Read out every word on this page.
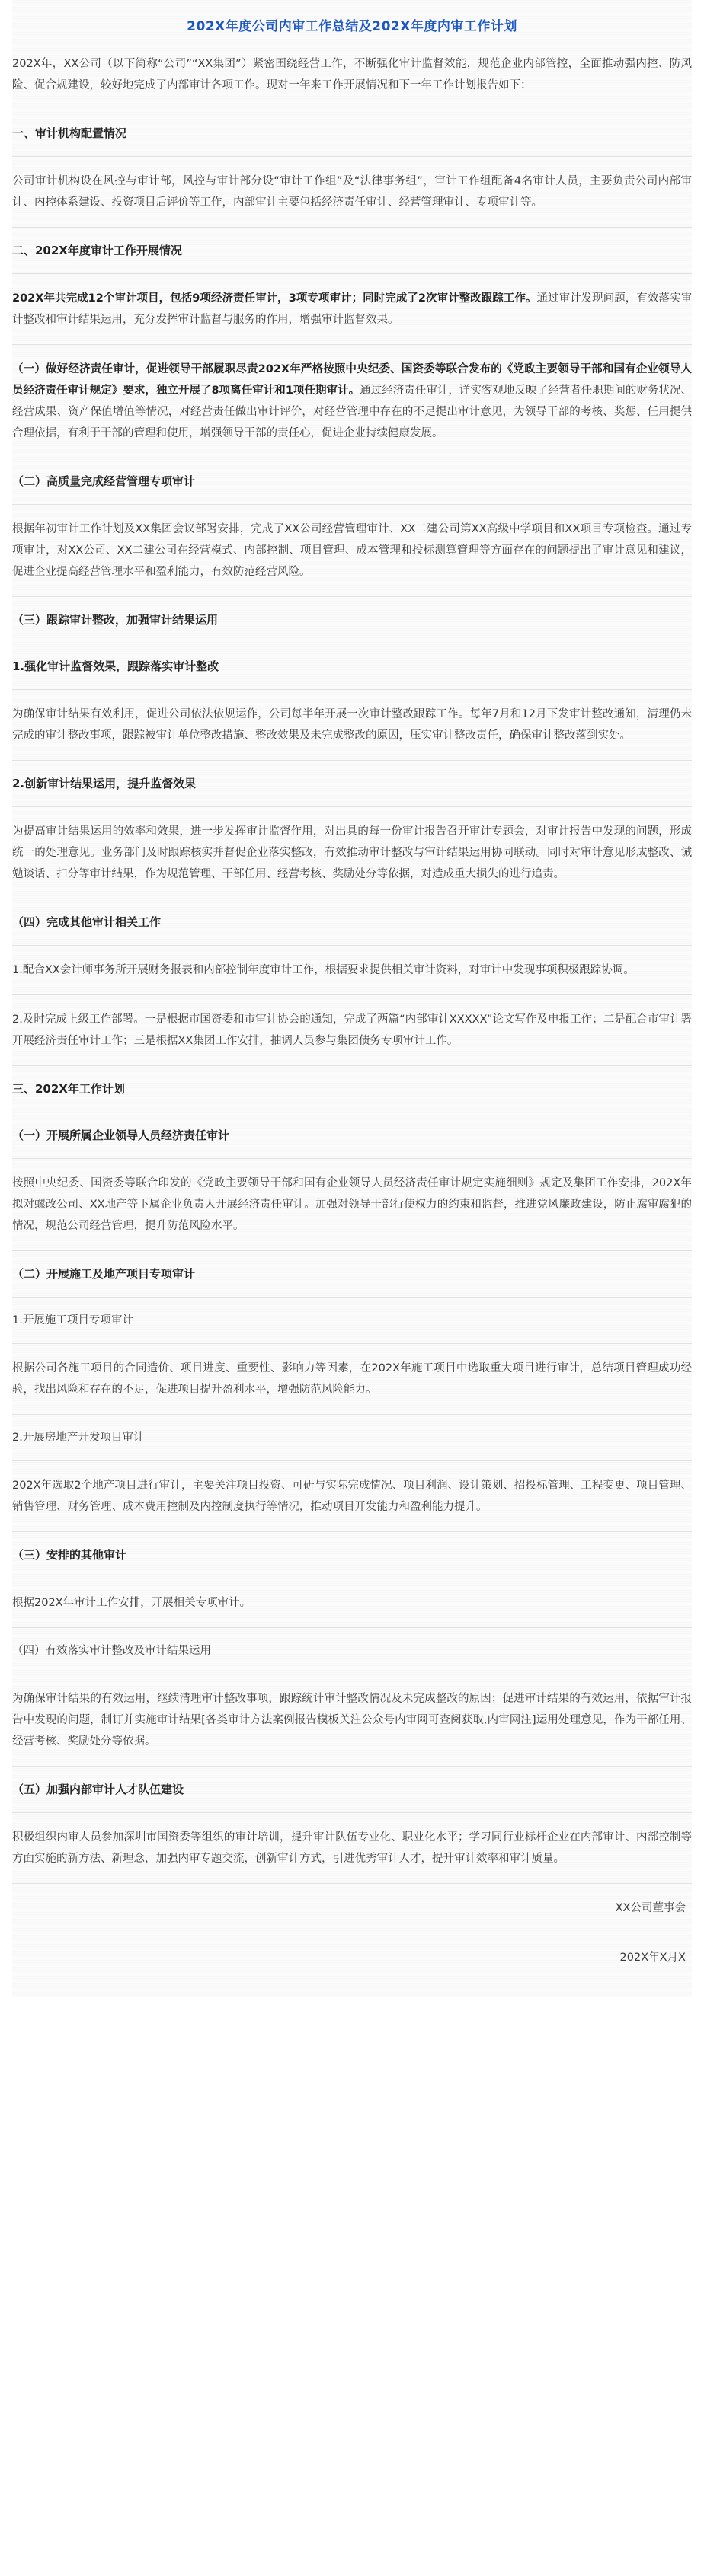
202X年度公司内审工作总结及202X年度内审工作计划

202X年，XX公司（以下简称“公司”“XX集团”）紧密围绕经营工作，不断强化审计监督效能，规范企业内部管控，全面推动强内控、防风险、促合规建设，较好地完成了内部审计各项工作。现对一年来工作开展情况和下一年工作计划报告如下：

一、审计机构配置情况

公司审计机构设在风控与审计部，风控与审计部分设“审计工作组”及“法律事务组”，审计工作组配备4名审计人员，主要负责公司内部审计、内控体系建设、投资项目后评价等工作，内部审计主要包括经济责任审计、经营管理审计、专项审计等。

二、202X年度审计工作开展情况

202X年共完成12个审计项目，包括9项经济责任审计，3项专项审计；同时完成了2次审计整改跟踪工作。通过审计发现问题，有效落实审计整改和审计结果运用，充分发挥审计监督与服务的作用，增强审计监督效果。

（一）做好经济责任审计，促进领导干部履职尽责202X年严格按照中央纪委、国资委等联合发布的《党政主要领导干部和国有企业领导人员经济责任审计规定》要求，独立开展了8项离任审计和1项任期审计。通过经济责任审计，详实客观地反映了经营者任职期间的财务状况、经营成果、资产保值增值等情况，对经营责任做出审计评价，对经营管理中存在的不足提出审计意见，为领导干部的考核、奖惩、任用提供合理依据，有利于干部的管理和使用，增强领导干部的责任心，促进企业持续健康发展。

（二）高质量完成经营管理专项审计

根据年初审计工作计划及XX集团会议部署安排，完成了XX公司经营管理审计、XX二建公司第XX高级中学项目和XX项目专项检查。通过专项审计，对XX公司、XX二建公司在经营模式、内部控制、项目管理、成本管理和投标测算管理等方面存在的问题提出了审计意见和建议，促进企业提高经营管理水平和盈利能力，有效防范经营风险。

（三）跟踪审计整改，加强审计结果运用

1.强化审计监督效果，跟踪落实审计整改

为确保审计结果有效利用，促进公司依法依规运作，公司每半年开展一次审计整改跟踪工作。每年7月和12月下发审计整改通知，清理仍未完成的审计整改事项，跟踪被审计单位整改措施、整改效果及未完成整改的原因，压实审计整改责任，确保审计整改落到实处。

2.创新审计结果运用，提升监督效果

为提高审计结果运用的效率和效果，进一步发挥审计监督作用，对出具的每一份审计报告召开审计专题会，对审计报告中发现的问题，形成统一的处理意见。业务部门及时跟踪核实并督促企业落实整改，有效推动审计整改与审计结果运用协同联动。同时对审计意见形成整改、诫勉谈话、扣分等审计结果，作为规范管理、干部任用、经营考核、奖励处分等依据，对造成重大损失的进行追责。

（四）完成其他审计相关工作

1.配合XX会计师事务所开展财务报表和内部控制年度审计工作，根据要求提供相关审计资料，对审计中发现事项积极跟踪协调。

2.及时完成上级工作部署。一是根据市国资委和市审计协会的通知，完成了两篇“内部审计XXXXX”论文写作及申报工作；二是配合市审计署开展经济责任审计工作；三是根据XX集团工作安排，抽调人员参与集团债务专项审计工作。

三、202X年工作计划

（一）开展所属企业领导人员经济责任审计

按照中央纪委、国资委等联合印发的《党政主要领导干部和国有企业领导人员经济责任审计规定实施细则》规定及集团工作安排，202X年拟对螺改公司、XX地产等下属企业负责人开展经济责任审计。加强对领导干部行使权力的约束和监督，推进党风廉政建设，防止腐审腐犯的情况，规范公司经营管理，提升防范风险水平。

（二）开展施工及地产项目专项审计

1.开展施工项目专项审计

根据公司各施工项目的合同造价、项目进度、重要性、影响力等因素，在202X年施工项目中选取重大项目进行审计，总结项目管理成功经验，找出风险和存在的不足，促进项目提升盈利水平，增强防范风险能力。

2.开展房地产开发项目审计

202X年选取2个地产项目进行审计，主要关注项目投资、可研与实际完成情况、项目利润、设计策划、招投标管理、工程变更、项目管理、销售管理、财务管理、成本费用控制及内控制度执行等情况，推动项目开发能力和盈利能力提升。

（三）安排的其他审计

根据202X年审计工作安排，开展相关专项审计。

（四）有效落实审计整改及审计结果运用

为确保审计结果的有效运用，继续清理审计整改事项，跟踪统计审计整改情况及未完成整改的原因；促进审计结果的有效运用，依据审计报告中发现的问题，制订并实施审计结果[各类审计方法案例报告模板关注公众号内审网可查阅获取,内审网注]运用处理意见，作为干部任用、经营考核、奖励处分等依据。

（五）加强内部审计人才队伍建设

积极组织内审人员参加深圳市国资委等组织的审计培训，提升审计队伍专业化、职业化水平；学习同行业标杆企业在内部审计、内部控制等方面实施的新方法、新理念，加强内审专题交流，创新审计方式，引进优秀审计人才，提升审计效率和审计质量。

XX公司董事会

202X年X月X
